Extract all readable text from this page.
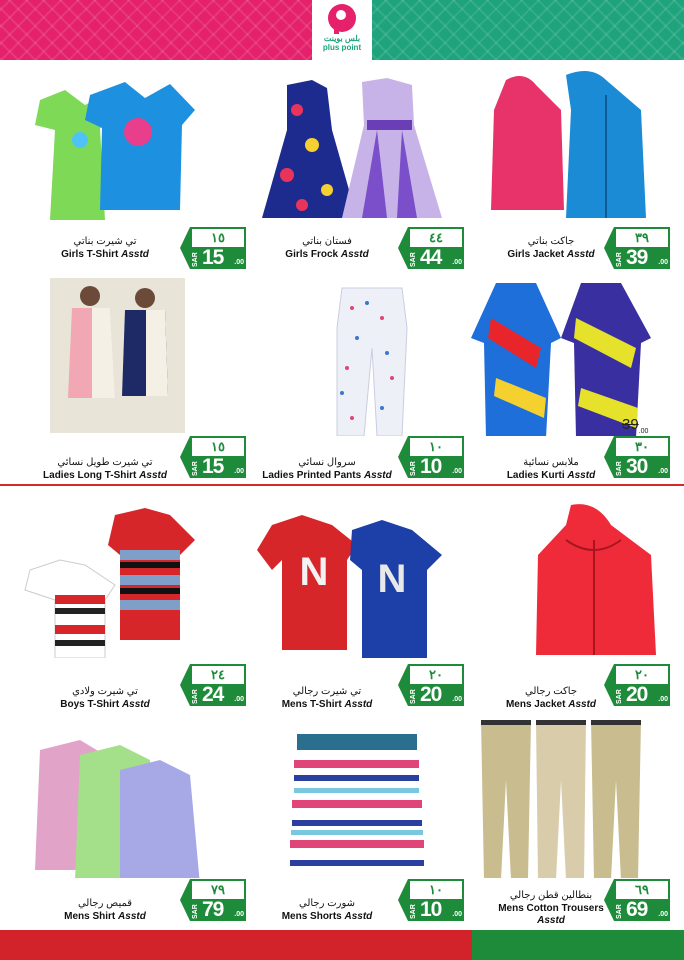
بلس بوينت
plus point
تي شيرت بناتي
Girls T-Shirt Asstd
١٥
SAR 15 .00
فستان بناتي
Girls Frock Asstd
٤٤
SAR 44 .00
جاكت بناتي
Girls Jacket Asstd
٣٩
SAR 39 .00
تي شيرت طويل نسائي
Ladies Long T-Shirt Asstd
١٥
SAR 15 .00
سروال نسائي
Ladies Printed Pants Asstd
١٠
SAR 10 .00
$39_{.00}$
ملابس نسائية
Ladies Kurti Asstd
٣٠
SAR 30 .00
تي شيرت ولادي
Boys T-Shirt Asstd
٢٤
SAR 24 .00
N N
تي شيرت رجالي
Mens T-Shirt Asstd
٢٠
SAR 20 .00
جاكت رجالي
Mens Jacket Asstd
٢٠
SAR 20 .00
قميص رجالي
Mens Shirt Asstd
٧٩
SAR 79 .00
شورت رجالي
Mens Shorts Asstd
١٠
SAR 10 .00
بنطالين قطن رجالي
Mens Cotton Trousers
Asstd
٦٩
SAR 69 .00
